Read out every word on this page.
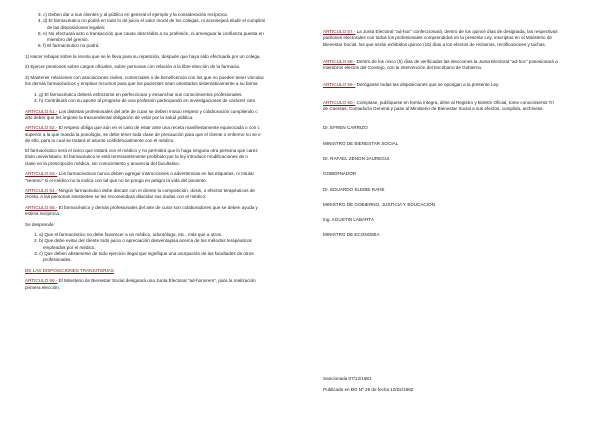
3. c) Deben dar a sus clientes y al público en general el ejemplo y la consideración recíproca.

4. d) El farmacéutico no podrá en todo lo de juicio el valor moral de los colegas, ni aconsejará eludir el cumplimi

de las disposiciones legales;

5. e) No efectuará acto o transacción que cause descrédito a su profesión, ni amenguar la confianza puesta en

miembro del gremio.

6. f) El farmacéutico no podrá:

1) Hacer rebajas sobre la receta que se le lleva para su repetición, después que haya sido efectuada por un colega.

2) Ejercer presiones sobre cargos oficiales, sobre personas con relación a la libre elección de la farmacia.

3) Mantener relaciones con asociaciones civiles, comerciales o de beneficencia con los que no pueden tener vinculac

los demás farmacéuticos y emplear recursos para que los pacientes sean orientados sistemáticamente a su farma

1. g) El farmacéutico deberá esforzarse en perfeccionar y ensanchar sus conocimientos profesionales.

2. h) Contribuirá con su aporte al progreso de una profesión participando en investigaciones de carácter cien

ARTICULO 51.- Los distintas profesionales del arte de curar se deben mutuo respeto y colaboración cumpliendo c

alto deber que les impone la trascendental obligación de velar por la salud pública.

ARTICULO 52.- El respeto obliga que aún en el caso de estar ante una receta manifiestamente equivocada o con c

superior a la que manda la posología, se debe tener toda clase de precaución para que el cliente o enfermo no se e

de ello, para lo cual se tratará el asunto confidencialmente con el médico.

El farmacéutico será el único que tratará con el médico y no permitirá que lo haga ninguna otra persona que carez

título universitario. El farmacéutico le está terminantemente prohibido por la ley introducir modificaciones de n

clase en la prescripción médica, sin conocimiento y anuencia del facultativo.

ARTICULO 53.- Los farmacéuticos nunca deben agregar instrucciones o advertencias en las etiquetas, ni rotular

"veneno" si el médico no la indica con tal que no se ponga en peligro la vida del paciente.

ARTICULO 54.- Ningún farmacéutico debe discutir con el cliente la composición, dosis, o efectos terapéuticos de

receta. A las personas insistentes se les recomendará dilucidar sus dudas con el médico.

ARTICULO 55.- El farmacéutico y demás profesionales del arte de curar son colaboradores que se deben ayuda y

estima recíproca.

Se desprende:

1. a) Que el farmacéutico no debe favorecer a un médico, odontólogo, etc., más que a otros.

2. b) Que debe evitar del cliente todo juicio o apreciación desventajosa acerca de los métodos terapéuticos

empleados por el médico.

3. c) Que deben abstenerse de todo ejercicio ilegal que signifique una usurpación de las facultades de otros

profesionales.

DE LAS DISPOSICIONES TRANSITORIAS

ARTICULO 56.- El Ministerio de Bienestar Social designará una Junta Electoral "ad-honorem", para la realización

primera elección.

ARTICULO 57.- La Junta Electoral "ad-hoc" confeccionará, dentro de los quince días de designada, las respectivas

padrones electorales con todos los profesionales comprendidos en la presente Ley, inscriptos en el Ministerio de

Bienestar Social, los que serán exhibidos quince (15) días a los efectos de reclamos, rectificaciones y tachas.

ARTICULO 58.- Dentro de los cinco (5) días de verificadas las elecciones la Junta Electoral "ad-hoc" posesionará a

miembros electos del Consejo, con la intervención del Escribano de Gobierno.

ARTICULO 59.- Deróganse todas las disposiciones que se opongan a la presente Ley.

ARTICULO 60.- Cúmplase, publíquese en forma íntegra, dése al Registro y Boletín Oficial, tome conocimiento Tri

de Cuentas, Contaduría General y pase al Ministerio de Bienestar Social a sus efectos, cumplido, archívese.

Dr. EFREN CARRIZO

MINISTRO DE BIENESTAR SOCIAL

Dr. RAFAEL ZENON JAUREGUI

GOBERNADOR

Dr. EDUARDO SLEIBE RAHE

MINISTRO DE GOBIERNO, JUSTICIA Y EDUCACION

Ing. AGUSTIN LABARTA

MINISTRO DE ECONOMIA

Sancionada 07/12/1981

Publicado en BO Nº 29 de fecha 10/02/1982
